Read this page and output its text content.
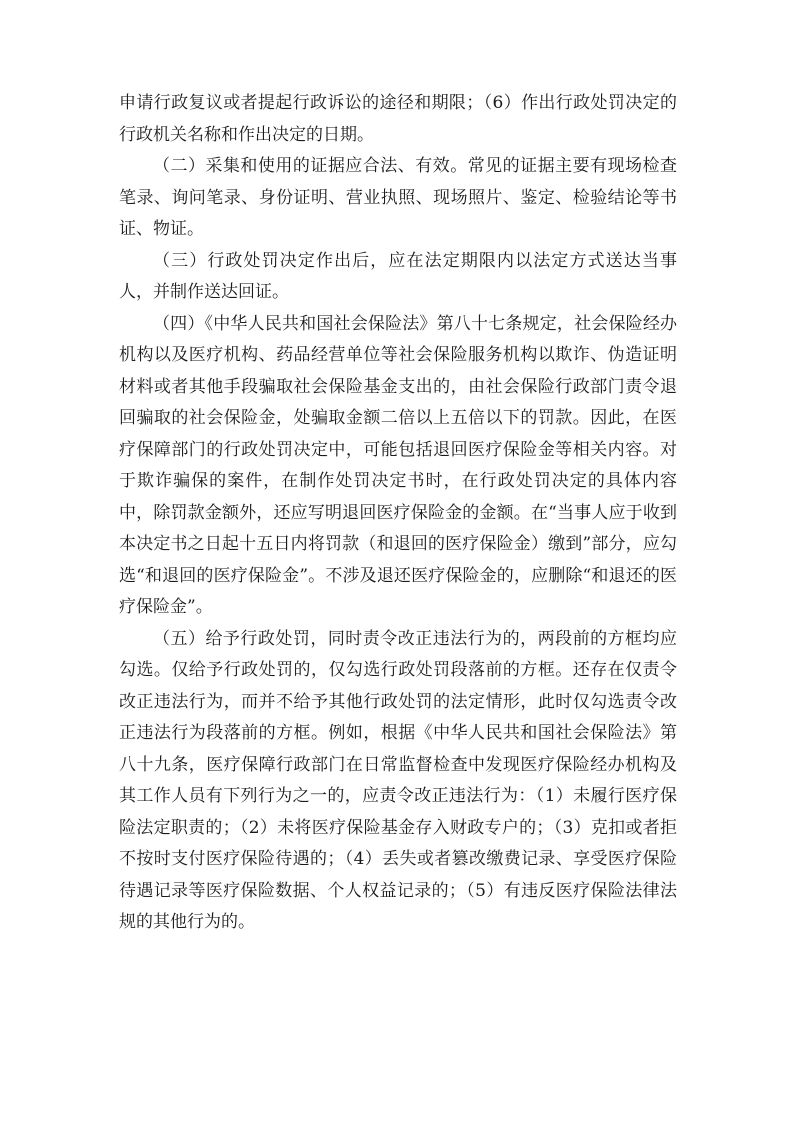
申请行政复议或者提起行政诉讼的途径和期限；（6）作出行政处罚决定的行政机关名称和作出决定的日期。

（二）采集和使用的证据应合法、有效。常见的证据主要有现场检查笔录、询问笔录、身份证明、营业执照、现场照片、鉴定、检验结论等书证、物证。

（三）行政处罚决定作出后，应在法定期限内以法定方式送达当事人，并制作送达回证。

（四）《中华人民共和国社会保险法》第八十七条规定，社会保险经办机构以及医疗机构、药品经营单位等社会保险服务机构以欺诈、伪造证明材料或者其他手段骗取社会保险基金支出的，由社会保险行政部门责令退回骗取的社会保险金，处骗取金额二倍以上五倍以下的罚款。因此，在医疗保障部门的行政处罚决定中，可能包括退回医疗保险金等相关内容。对于欺诈骗保的案件，在制作处罚决定书时，在行政处罚决定的具体内容中，除罚款金额外，还应写明退回医疗保险金的金额。在“当事人应于收到本决定书之日起十五日内将罚款（和退回的医疗保险金）缴到”部分，应勾选“和退回的医疗保险金”。不涉及退还医疗保险金的，应删除“和退还的医疗保险金”。

（五）给予行政处罚，同时责令改正违法行为的，两段前的方框均应勾选。仅给予行政处罚的，仅勾选行政处罚段落前的方框。还存在仅责令改正违法行为，而并不给予其他行政处罚的法定情形，此时仅勾选责令改正违法行为段落前的方框。例如，根据《中华人民共和国社会保险法》第八十九条，医疗保障行政部门在日常监督检查中发现医疗保险经办机构及其工作人员有下列行为之一的，应责令改正违法行为：（1）未履行医疗保险法定职责的；（2）未将医疗保险基金存入财政专户的；（3）克扣或者拒不按时支付医疗保险待遇的；（4）丢失或者篡改缴费记录、享受医疗保险待遇记录等医疗保险数据、个人权益记录的；（5）有违反医疗保险法律法规的其他行为的。
